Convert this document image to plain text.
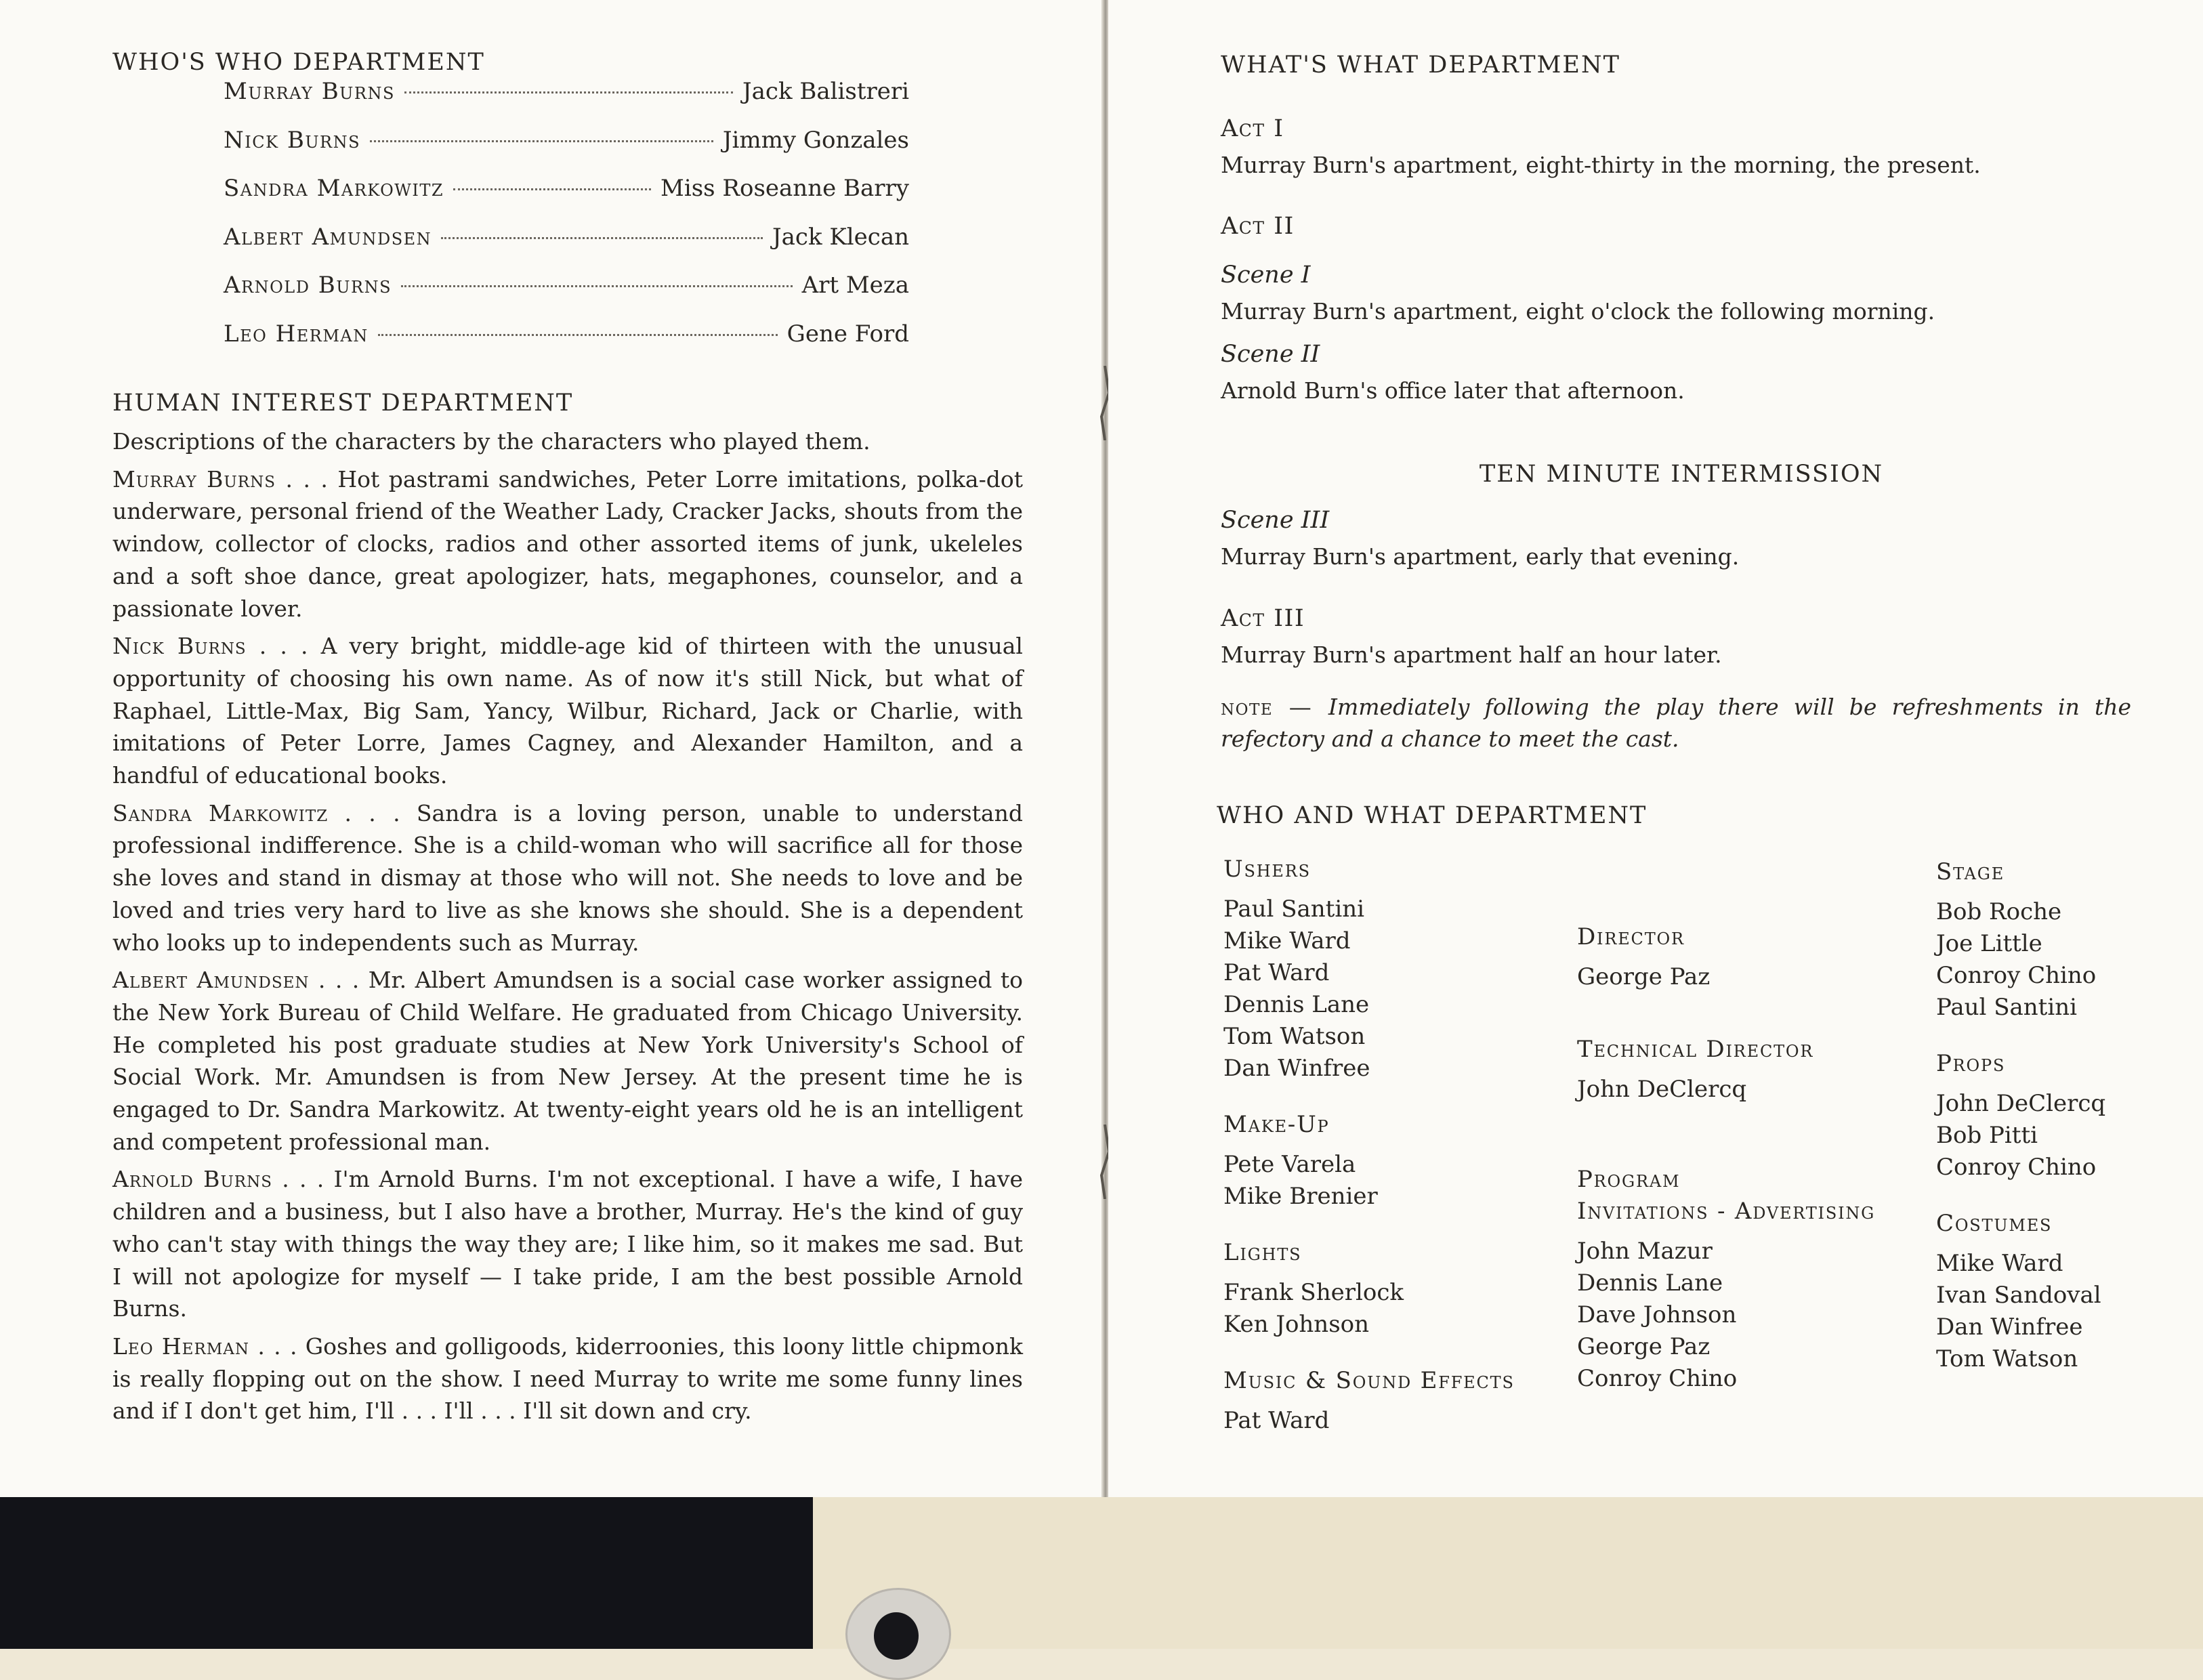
WHO'S WHO DEPARTMENT
Murray Burns	Jack Balistreri
Nick Burns	Jimmy Gonzales
Sandra Markowitz	Miss Roseanne Barry
Albert Amundsen	Jack Klecan
Arnold Burns	Art Meza
Leo Herman	Gene Ford
HUMAN INTEREST DEPARTMENT

Descriptions of the characters by the characters who played them.

Murray Burns . . . Hot pastrami sandwiches, Peter Lorre imitations, polka-dot underware, personal friend of the Weather Lady, Cracker Jacks, shouts from the window, collector of clocks, radios and other assorted items of junk, ukeleles and a soft shoe dance, great apologizer, hats, megaphones, counselor, and a passionate lover.

Nick Burns . . . A very bright, middle-age kid of thirteen with the unusual opportunity of choosing his own name. As of now it's still Nick, but what of Raphael, Little-Max, Big Sam, Yancy, Wilbur, Richard, Jack or Charlie, with imitations of Peter Lorre, James Cagney, and Alexander Hamilton, and a handful of educational books.

Sandra Markowitz . . . Sandra is a loving person, unable to understand professional indifference. She is a child-woman who will sacrifice all for those she loves and stand in dismay at those who will not. She needs to love and be loved and tries very hard to live as she knows she should. She is a dependent who looks up to independents such as Murray.

Albert Amundsen . . . Mr. Albert Amundsen is a social case worker assigned to the New York Bureau of Child Welfare. He graduated from Chicago University. He completed his post graduate studies at New York University's School of Social Work. Mr. Amundsen is from New Jersey. At the present time he is engaged to Dr. Sandra Markowitz. At twenty-eight years old he is an intelligent and competent professional man.

Arnold Burns . . . I'm Arnold Burns. I'm not exceptional. I have a wife, I have children and a business, but I also have a brother, Murray. He's the kind of guy who can't stay with things the way they are; I like him, so it makes me sad. But I will not apologize for myself — I take pride, I am the best possible Arnold Burns.

Leo Herman . . . Goshes and golligoods, kiderroonies, this loony little chipmonk is really flopping out on the show. I need Murray to write me some funny lines and if I don't get him, I'll . . . I'll . . . I'll sit down and cry.

WHAT'S WHAT DEPARTMENT

Act I

Murray Burn's apartment, eight-thirty in the morning, the present.

Act II

Scene I

Murray Burn's apartment, eight o'clock the following morning.

Scene II

Arnold Burn's office later that afternoon.

TEN MINUTE INTERMISSION

Scene III

Murray Burn's apartment, early that evening.

Act III

Murray Burn's apartment half an hour later.

note — Immediately following the play there will be refreshments in the refectory and a chance to meet the cast.
WHO AND WHAT DEPARTMENT

Ushers

Paul Santini
Mike Ward
Pat Ward
Dennis Lane
Tom Watson
Dan Winfree

Make-Up

Pete Varela
Mike Brenier

Lights

Frank Sherlock
Ken Johnson

Music & Sound Effects

Pat Ward

Director

George Paz

Technical Director

John DeClercq

Program

Invitations - Advertising

John Mazur
Dennis Lane
Dave Johnson
George Paz
Conroy Chino

Stage

Bob Roche
Joe Little
Conroy Chino
Paul Santini

Props

John DeClercq
Bob Pitti
Conroy Chino

Costumes

Mike Ward
Ivan Sandoval
Dan Winfree
Tom Watson
